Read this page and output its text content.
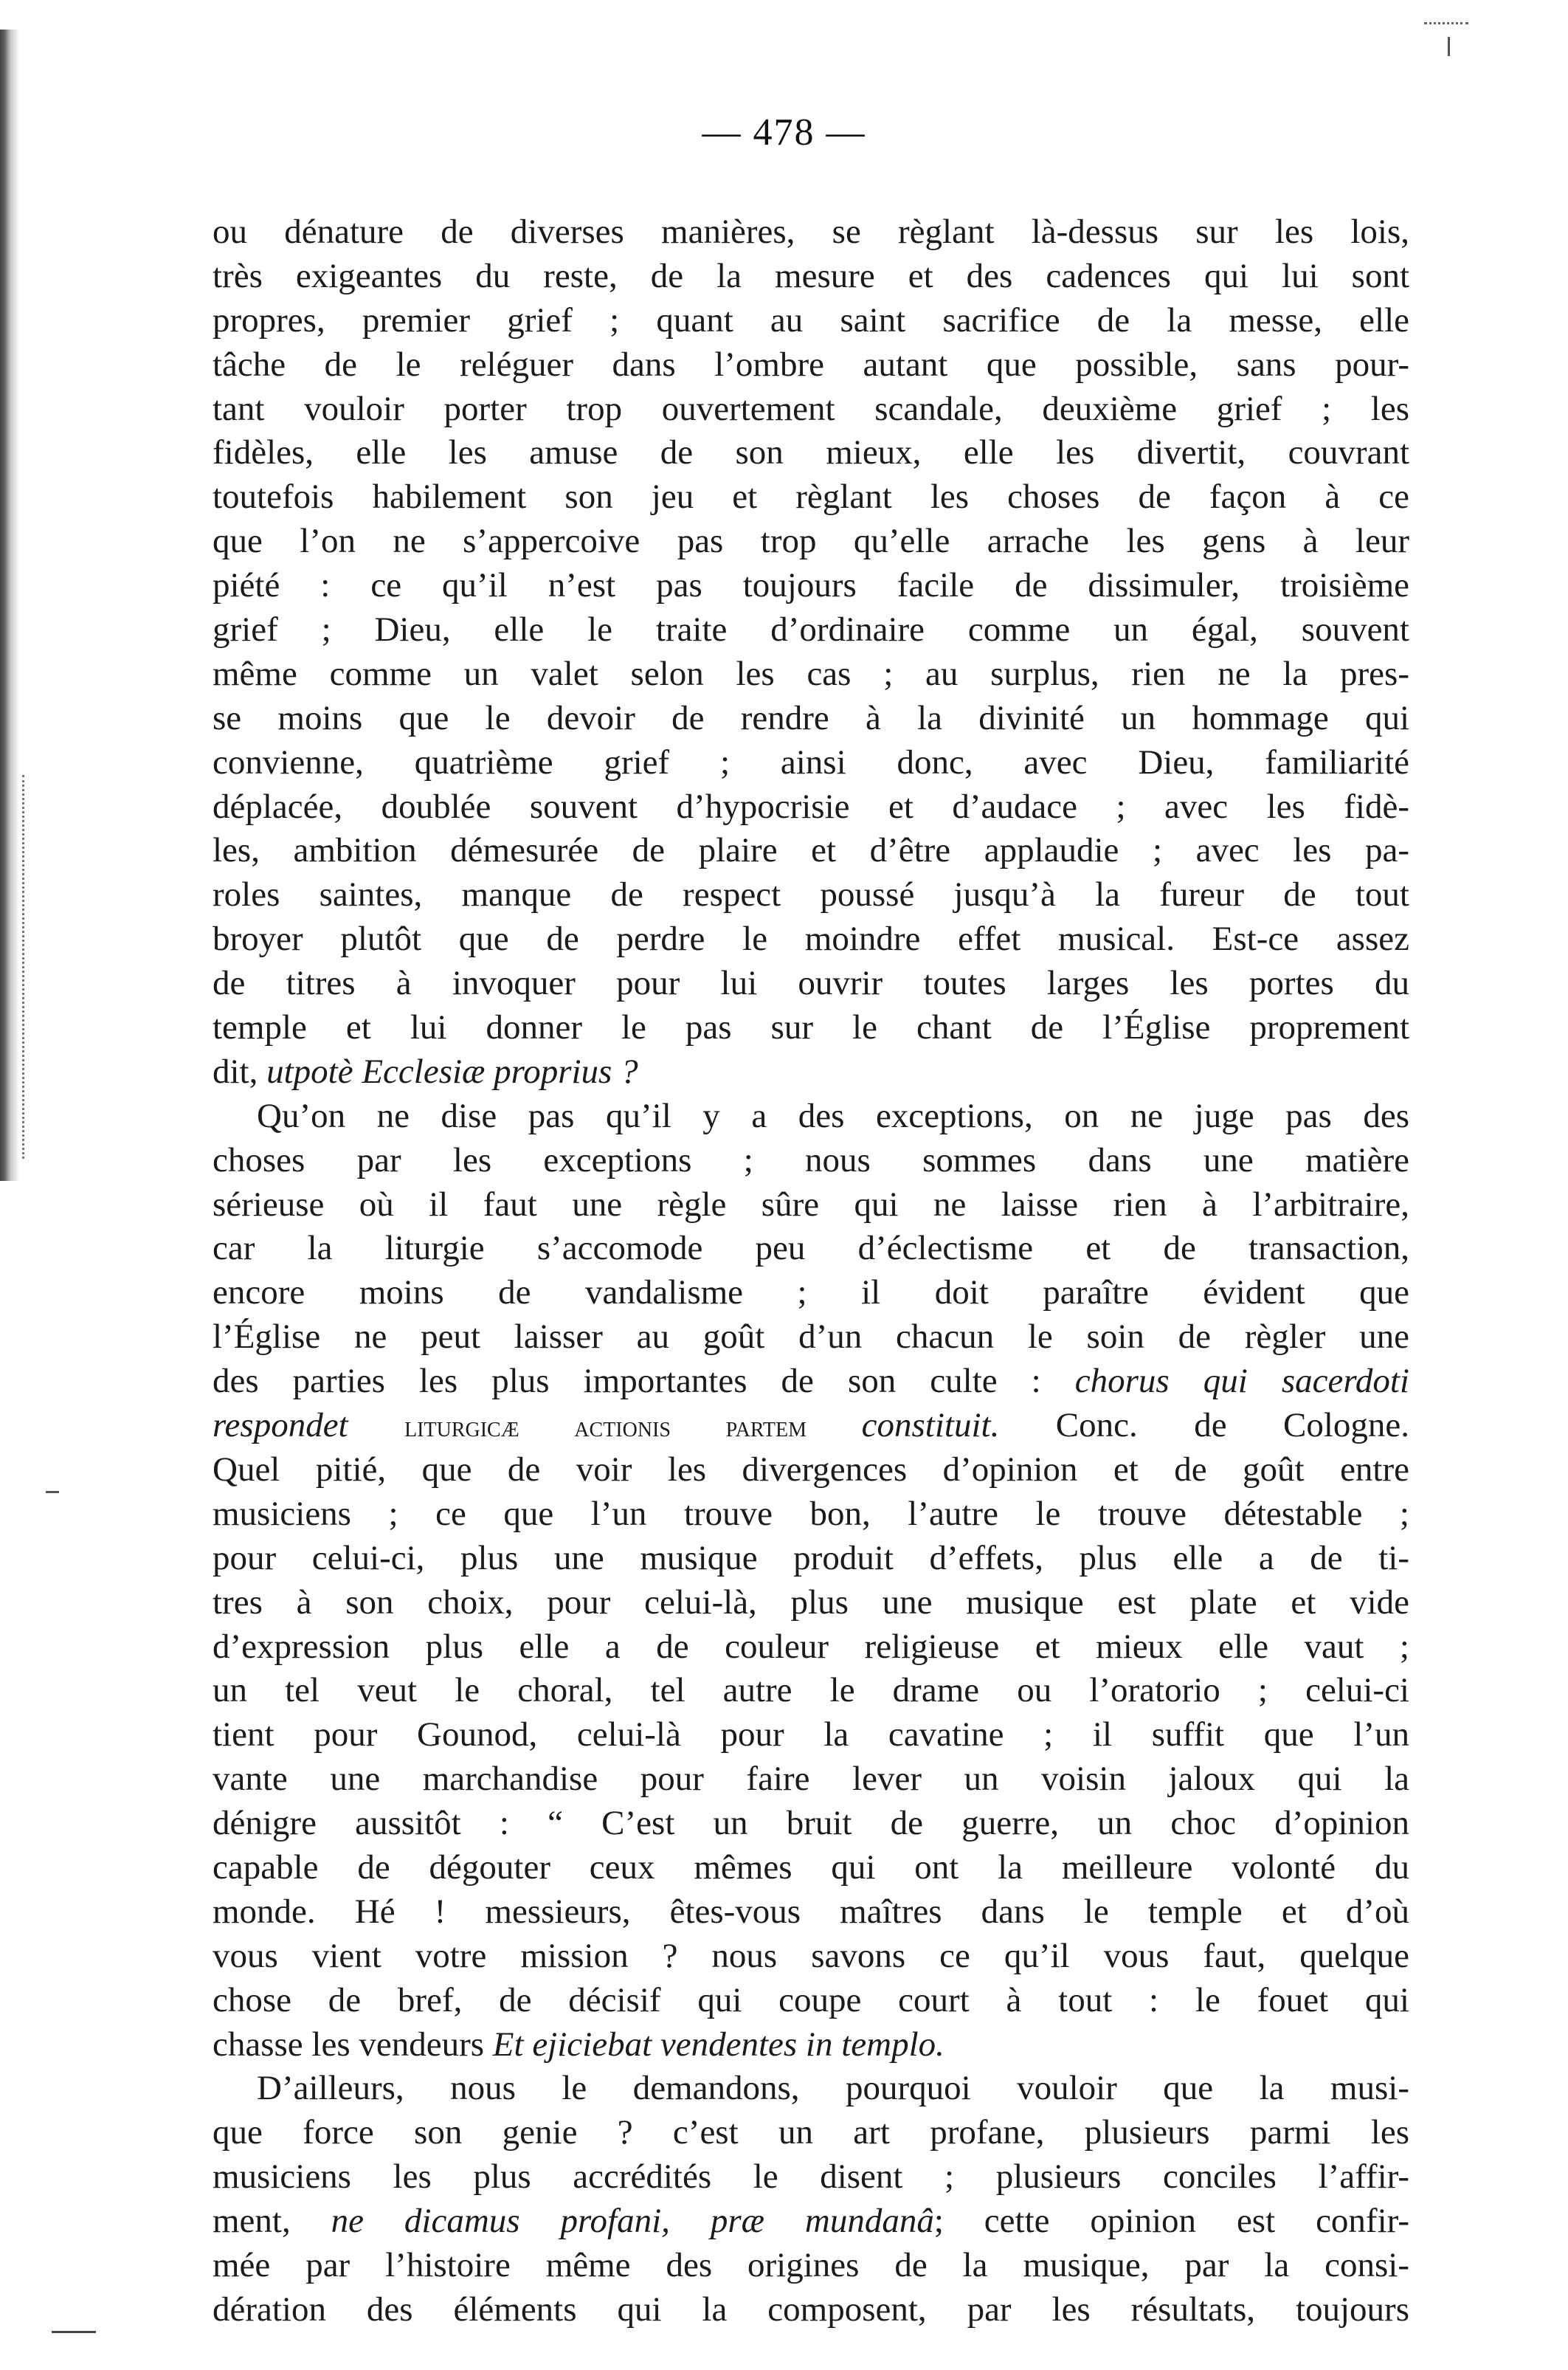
— 478 —
ou dénature de diverses manières, se règlant là-dessus sur les lois,
très exigeantes du reste, de la mesure et des cadences qui lui sont
propres, premier grief ; quant au saint sacrifice de la messe, elle
tâche de le reléguer dans l’ombre autant que possible, sans pour-
tant vouloir porter trop ouvertement scandale, deuxième grief ; les
fidèles, elle les amuse de son mieux, elle les divertit, couvrant
toutefois habilement son jeu et règlant les choses de façon à ce
que l’on ne s’appercoive pas trop qu’elle arrache les gens à leur
piété : ce qu’il n’est pas toujours facile de dissimuler, troisième
grief ; Dieu, elle le traite d’ordinaire comme un égal, souvent
même comme un valet selon les cas ; au surplus, rien ne la pres-
se moins que le devoir de rendre à la divinité un hommage qui
convienne, quatrième grief ; ainsi donc, avec Dieu, familiarité
déplacée, doublée souvent d’hypocrisie et d’audace ; avec les fidè-
les, ambition démesurée de plaire et d’être applaudie ; avec les pa-
roles saintes, manque de respect poussé jusqu’à la fureur de tout
broyer plutôt que de perdre le moindre effet musical. Est-ce assez
de titres à invoquer pour lui ouvrir toutes larges les portes du
temple et lui donner le pas sur le chant de l’Église proprement
dit, utpotè Ecclesiæ proprius ?
Qu’on ne dise pas qu’il y a des exceptions, on ne juge pas des
choses par les exceptions ; nous sommes dans une matière
sérieuse où il faut une règle sûre qui ne laisse rien à l’arbitraire,
car la liturgie s’accomode peu d’éclectisme et de transaction,
encore moins de vandalisme ; il doit paraître évident que
l’Église ne peut laisser au goût d’un chacun le soin de règler une
des parties les plus importantes de son culte : chorus qui sacerdoti
respondet liturgicæ actionis partem constituit. Conc. de Cologne.
Quel pitié, que de voir les divergences d’opinion et de goût entre
musiciens ; ce que l’un trouve bon, l’autre le trouve détestable ;
pour celui-ci, plus une musique produit d’effets, plus elle a de ti-
tres à son choix, pour celui-là, plus une musique est plate et vide
d’expression plus elle a de couleur religieuse et mieux elle vaut ;
un tel veut le choral, tel autre le drame ou l’oratorio ; celui-ci
tient pour Gounod, celui-là pour la cavatine ; il suffit que l’un
vante une marchandise pour faire lever un voisin jaloux qui la
dénigre aussitôt : “ C’est un bruit de guerre, un choc d’opinion
capable de dégouter ceux mêmes qui ont la meilleure volonté du
monde. Hé ! messieurs, êtes-vous maîtres dans le temple et d’où
vous vient votre mission ? nous savons ce qu’il vous faut, quelque
chose de bref, de décisif qui coupe court à tout : le fouet qui
chasse les vendeurs Et ejiciebat vendentes in templo.
D’ailleurs, nous le demandons, pourquoi vouloir que la musi-
que force son genie ? c’est un art profane, plusieurs parmi les
musiciens les plus accrédités le disent ; plusieurs conciles l’affir-
ment, ne dicamus profani, præ mundanâ; cette opinion est confir-
mée par l’histoire même des origines de la musique, par la consi-
dération des éléments qui la composent, par les résultats, toujours
